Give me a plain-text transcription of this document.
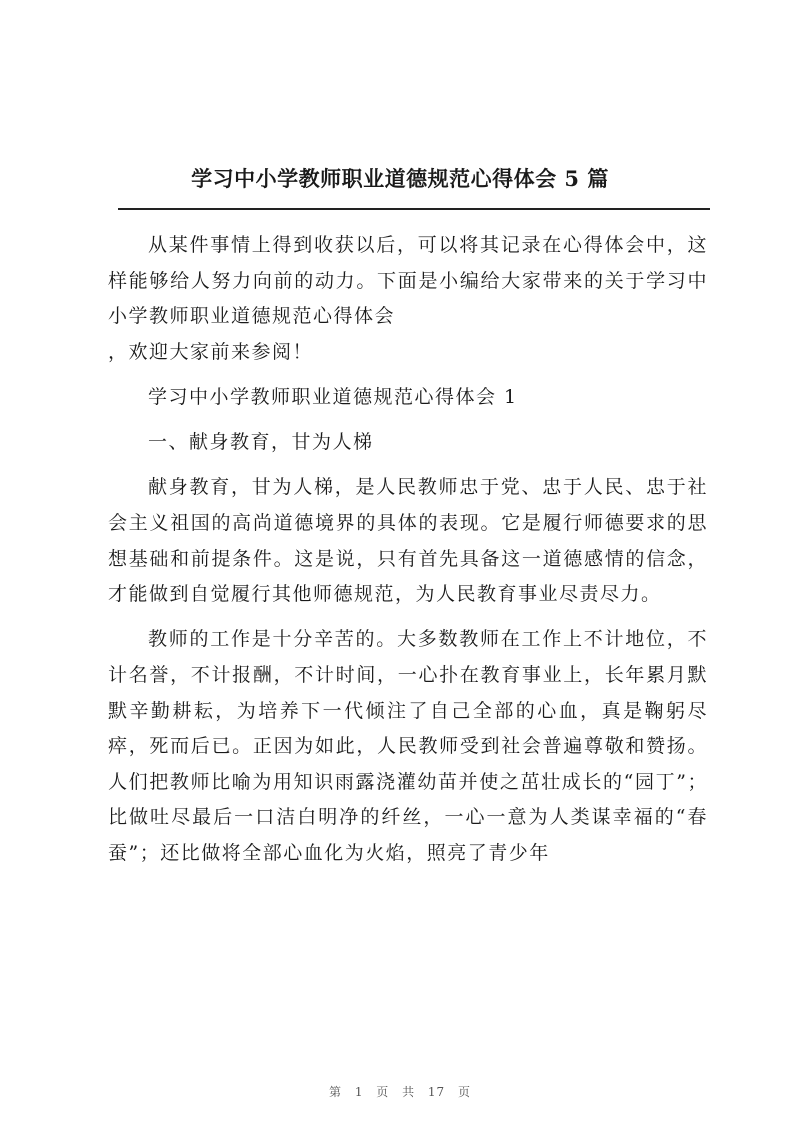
学习中小学教师职业道德规范心得体会 5 篇

从某件事情上得到收获以后，可以将其记录在心得体会中，这样能够给人努力向前的动力。下面是小编给大家带来的关于学习中小学教师职业道德规范心得体会

，欢迎大家前来参阅！

学习中小学教师职业道德规范心得体会 1

一、献身教育，甘为人梯

献身教育，甘为人梯，是人民教师忠于党、忠于人民、忠于社会主义祖国的高尚道德境界的具体的表现。它是履行师德要求的思想基础和前提条件。这是说，只有首先具备这一道德感情的信念，才能做到自觉履行其他师德规范，为人民教育事业尽责尽力。

教师的工作是十分辛苦的。大多数教师在工作上不计地位，不计名誉，不计报酬，不计时间，一心扑在教育事业上，长年累月默默辛勤耕耘，为培养下一代倾注了自己全部的心血，真是鞠躬尽瘁，死而后已。正因为如此，人民教师受到社会普遍尊敬和赞扬。人们把教师比喻为用知识雨露浇灌幼苗并使之茁壮成长的“园丁”；比做吐尽最后一口洁白明净的纤丝，一心一意为人类谋幸福的“春蚕”；还比做将全部心血化为火焰，照亮了青少年

第 1 页 共 17 页
